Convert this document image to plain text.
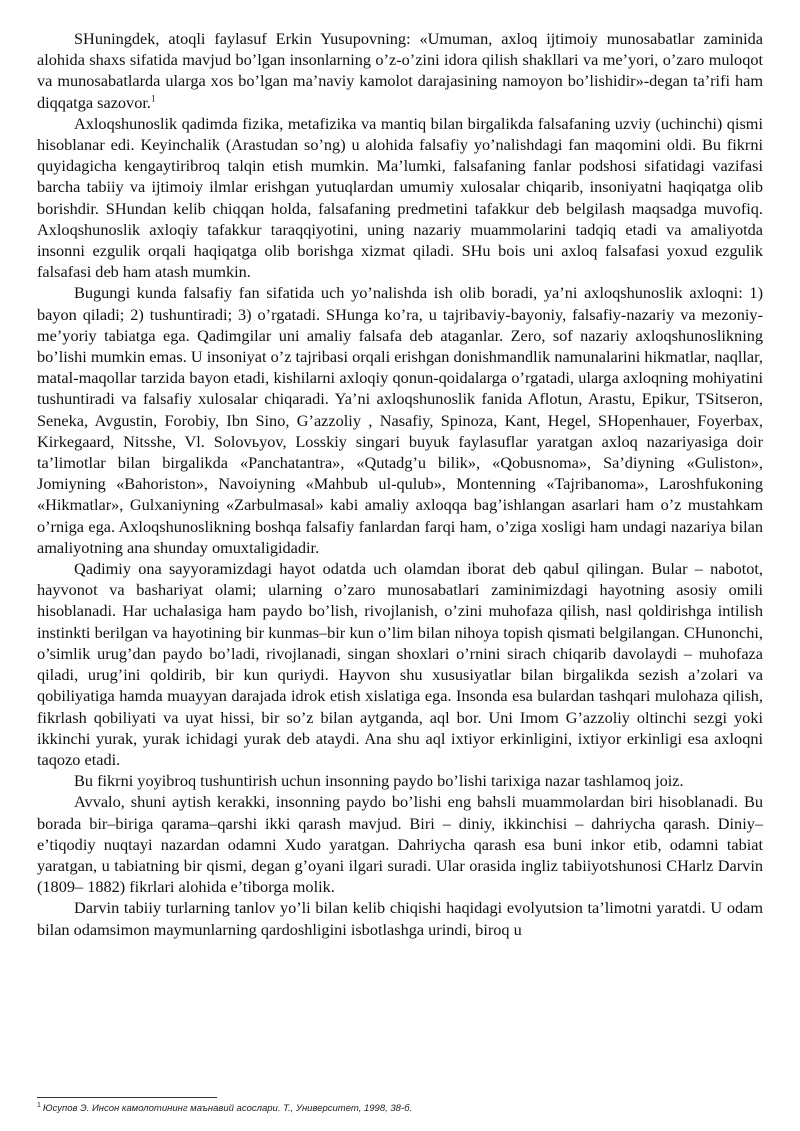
SHuningdek, atoqli faylasuf Erkin Yusupovning: «Umuman, axloq ijtimoiy munosabatlar zaminida alohida shaxs sifatida mavjud bo’lgan insonlarning o’z-o’zini idora qilish shakllari va me’yori, o’zaro muloqot va munosabatlarda ularga xos bo’lgan ma’naviy kamolot darajasining namoyon bo’lishidir»-degan ta’rifi ham diqqatga sazovor.$^1$

Axloqshunoslik qadimda fizika, metafizika va mantiq bilan birgalikda falsafaning uzviy (uchinchi) qismi hisoblanar edi. Keyinchalik (Arastudan so’ng) u alohida falsafiy yo’nalishdagi fan maqomini oldi. Bu fikrni quyidagicha kengaytiribroq talqin etish mumkin. Ma’lumki, falsafaning fanlar podshosi sifatidagi vazifasi barcha tabiiy va ijtimoiy ilmlar erishgan yutuqlardan umumiy xulosalar chiqarib, insoniyatni haqiqatga olib borishdir. SHundan kelib chiqqan holda, falsafaning predmetini tafakkur deb belgilash maqsadga muvofiq. Axloqshunoslik axloqiy tafakkur taraqqiyotini, uning nazariy muammolarini tadqiq etadi va amaliyotda insonni ezgulik orqali haqiqatga olib borishga xizmat qiladi. SHu bois uni axloq falsafasi yoxud ezgulik falsafasi deb ham atash mumkin.

Bugungi kunda falsafiy fan sifatida uch yo’nalishda ish olib boradi, ya’ni axloqshunoslik axloqni: 1) bayon qiladi; 2) tushuntiradi; 3) o’rgatadi. SHunga ko’ra, u tajribaviy-bayoniy, falsafiy-nazariy va mezoniy-me’yoriy tabiatga ega. Qadimgilar uni amaliy falsafa deb ataganlar. Zero, sof nazariy axloqshunoslikning bo’lishi mumkin emas. U insoniyat o’z tajribasi orqali erishgan donishmandlik namunalarini hikmatlar, naqllar, matal-maqollar tarzida bayon etadi, kishilarni axloqiy qonun-qoidalarga o’rgatadi, ularga axloqning mohiyatini tushuntiradi va falsafiy xulosalar chiqaradi. Ya’ni axloqshunoslik fanida Aflotun, Arastu, Epikur, TSitseron, Seneka, Avgustin, Forobiy, Ibn Sino, G’azzoliy , Nasafiy, Spinoza, Kant, Hegel, SHopenhauer, Foyerbax, Kirkegaard, Nitsshe, Vl. Solovьyov, Losskiy singari buyuk faylasuflar yaratgan axloq nazariyasiga doir ta’limotlar bilan birgalikda «Panchatantra», «Qutadg’u bilik», «Qobusnoma», Sa’diyning «Guliston», Jomiyning «Bahoriston», Navoiyning «Mahbub ul-qulub», Montenning «Tajribanoma», Laroshfukoning «Hikmatlar», Gulxaniyning «Zarbulmasal» kabi amaliy axloqqa bag’ishlangan asarlari ham o’z mustahkam o’rniga ega. Axloqshunoslikning boshqa falsafiy fanlardan farqi ham, o’ziga xosligi ham undagi nazariya bilan amaliyotning ana shunday omuxtaligidadir.

Qadimiy ona sayyoramizdagi hayot odatda uch olamdan iborat deb qabul qilingan. Bular – nabotot, hayvonot va bashariyat olami; ularning o’zaro munosabatlari zaminimizdagi hayotning asosiy omili hisoblanadi. Har uchalasiga ham paydo bo’lish, rivojlanish, o’zini muhofaza qilish, nasl qoldirishga intilish instinkti berilgan va hayotining bir kunmas–bir kun o’lim bilan nihoya topish qismati belgilangan. CHunonchi, o’simlik urug’dan paydo bo’ladi, rivojlanadi, singan shoxlari o’rnini sirach chiqarib davolaydi – muhofaza qiladi, urug’ini qoldirib, bir kun quriydi. Hayvon shu xususiyatlar bilan birgalikda sezish a’zolari va qobiliyatiga hamda muayyan darajada idrok etish xislatiga ega. Insonda esa bulardan tashqari mulohaza qilish, fikrlash qobiliyati va uyat hissi, bir so’z bilan aytganda, aql bor. Uni Imom G’azzoliy oltinchi sezgi yoki ikkinchi yurak, yurak ichidagi yurak deb ataydi. Ana shu aql ixtiyor erkinligini, ixtiyor erkinligi esa axloqni taqozo etadi.

Bu fikrni yoyibroq tushuntirish uchun insonning paydo bo’lishi tarixiga nazar tashlamoq joiz.

Avvalo, shuni aytish kerakki, insonning paydo bo’lishi eng bahsli muammolardan biri hisoblanadi. Bu borada bir–biriga qarama–qarshi ikki qarash mavjud. Biri – diniy, ikkinchisi – dahriycha qarash. Diniy–e’tiqodiy nuqtayi nazardan odamni Xudo yaratgan. Dahriycha qarash esa buni inkor etib, odamni tabiat yaratgan, u tabiatning bir qismi, degan g’oyani ilgari suradi. Ular orasida ingliz tabiiyotshunosi CHarlz Darvin (1809– 1882) fikrlari alohida e’tiborga molik.

Darvin tabiiy turlarning tanlov yo’li bilan kelib chiqishi haqidagi evolyutsion ta’limotni yaratdi. U odam bilan odamsimon maymunlarning qardoshligini isbotlashga urindi, biroq u

$^1$ Юсупов Э. Инсон камолотининг маънавий асослари. Т., Университет, 1998, 38-б.
